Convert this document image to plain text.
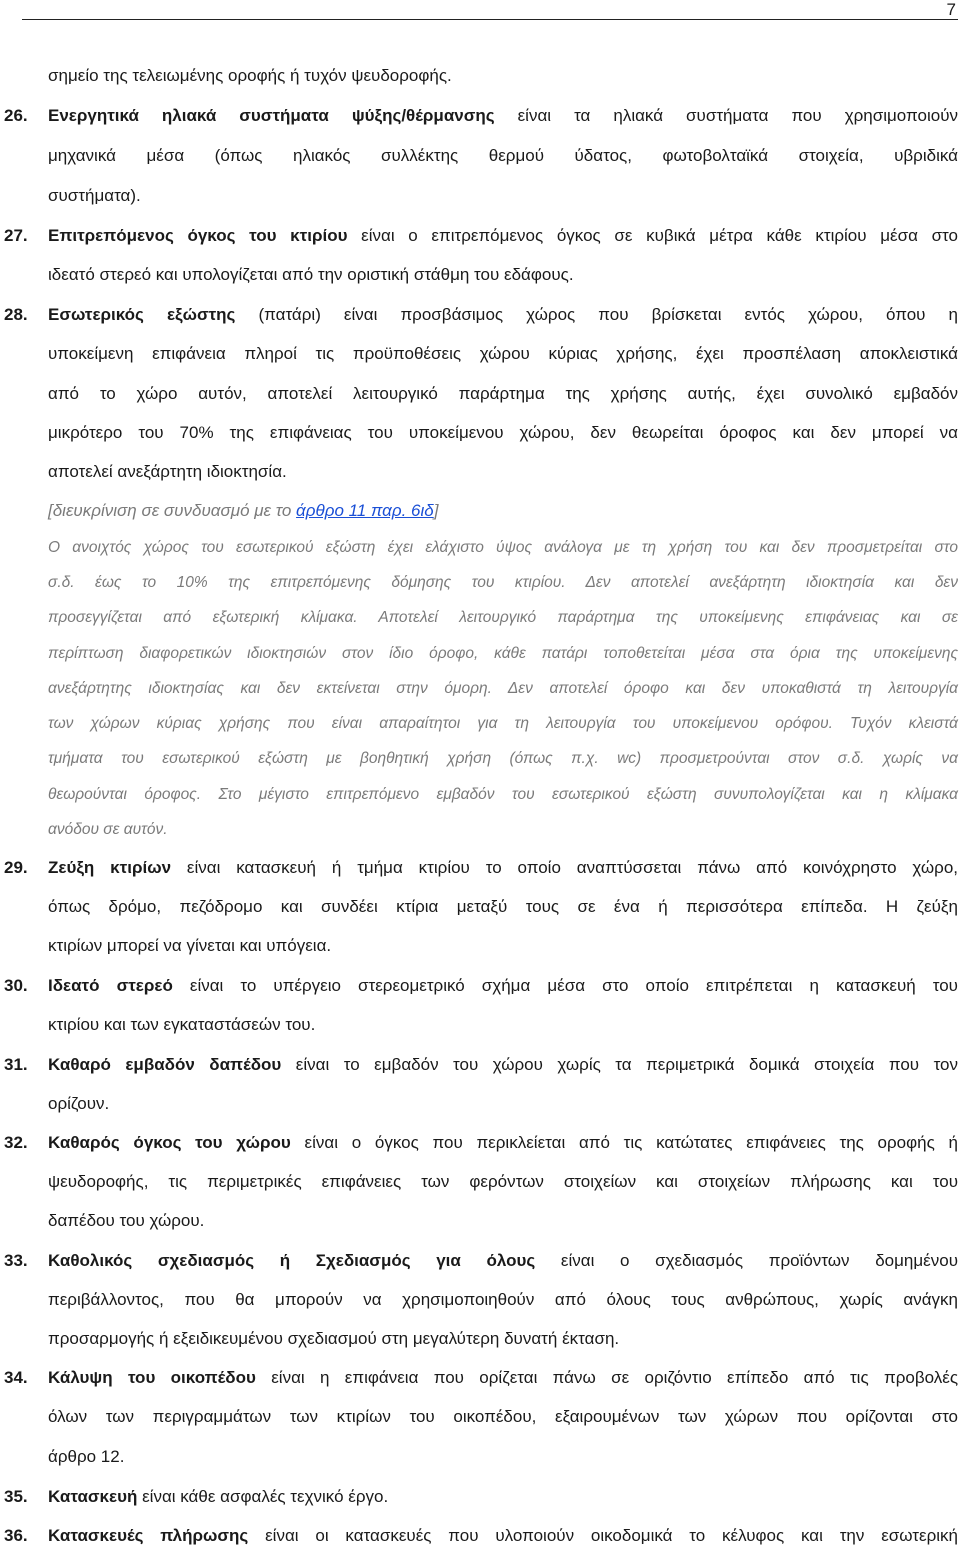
7
σημείο της τελειωμένης οροφής ή τυχόν ψευδοροφής.
26. Ενεργητικά ηλιακά συστήματα ψύξης/θέρμανσης είναι τα ηλιακά συστήματα που χρησιμοποιούν
μηχανικά μέσα (όπως ηλιακός συλλέκτης θερμού ύδατος, φωτοβολταϊκά στοιχεία, υβριδικά
συστήματα).
27. Επιτρεπόμενος όγκος του κτιρίου είναι ο επιτρεπόμενος όγκος σε κυβικά μέτρα κάθε κτιρίου μέσα στο
ιδεατό στερεό και υπολογίζεται από την οριστική στάθμη του εδάφους.
28. Εσωτερικός εξώστης (πατάρι) είναι προσβάσιμος χώρος που βρίσκεται εντός χώρου, όπου η
υποκείμενη επιφάνεια πληροί τις προϋποθέσεις χώρου κύριας χρήσης, έχει προσπέλαση αποκλειστικά
από το χώρο αυτόν, αποτελεί λειτουργικό παράρτημα της χρήσης αυτής, έχει συνολικό εμβαδόν
μικρότερο του 70% της επιφάνειας του υποκείμενου χώρου, δεν θεωρείται όροφος και δεν μπορεί να
αποτελεί ανεξάρτητη ιδιοκτησία.
[διευκρίνιση σε συνδυασμό με το άρθρο 11 παρ. 6ιδ]
Ο ανοιχτός χώρος του εσωτερικού εξώστη έχει ελάχιστο ύψος ανάλογα με τη χρήση του και δεν προσμετρείται στο
σ.δ. έως το 10% της επιτρεπόμενης δόμησης του κτιρίου. Δεν αποτελεί ανεξάρτητη ιδιοκτησία και δεν
προσεγγίζεται από εξωτερική κλίμακα. Αποτελεί λειτουργικό παράρτημα της υποκείμενης επιφάνειας και σε
περίπτωση διαφορετικών ιδιοκτησιών στον ίδιο όροφο, κάθε πατάρι τοποθετείται μέσα στα όρια της υποκείμενης
ανεξάρτητης ιδιοκτησίας και δεν εκτείνεται στην όμορη. Δεν αποτελεί όροφο και δεν υποκαθιστά τη λειτουργία
των χώρων κύριας χρήσης που είναι απαραίτητοι για τη λειτουργία του υποκείμενου ορόφου. Τυχόν κλειστά
τμήματα του εσωτερικού εξώστη με βοηθητική χρήση (όπως π.χ. wc) προσμετρούνται στον σ.δ. χωρίς να
θεωρούνται όροφος. Στο μέγιστο επιτρεπόμενο εμβαδόν του εσωτερικού εξώστη συνυπολογίζεται και η κλίμακα
ανόδου σε αυτόν.
29. Ζεύξη κτιρίων είναι κατασκευή ή τμήμα κτιρίου το οποίο αναπτύσσεται πάνω από κοινόχρηστο χώρο,
όπως δρόμο, πεζόδρομο και συνδέει κτίρια μεταξύ τους σε ένα ή περισσότερα επίπεδα. Η ζεύξη
κτιρίων μπορεί να γίνεται και υπόγεια.
30. Ιδεατό στερεό είναι το υπέργειο στερεομετρικό σχήμα μέσα στο οποίο επιτρέπεται η κατασκευή του
κτιρίου και των εγκαταστάσεών του.
31. Καθαρό εμβαδόν δαπέδου είναι το εμβαδόν του χώρου χωρίς τα περιμετρικά δομικά στοιχεία που τον
ορίζουν.
32. Καθαρός όγκος του χώρου είναι ο όγκος που περικλείεται από τις κατώτατες επιφάνειες της οροφής ή
ψευδοροφής, τις περιμετρικές επιφάνειες των φερόντων στοιχείων και στοιχείων πλήρωσης και του
δαπέδου του χώρου.
33. Καθολικός σχεδιασμός ή Σχεδιασμός για όλους είναι ο σχεδιασμός προϊόντων δομημένου
περιβάλλοντος, που θα μπορούν να χρησιμοποιηθούν από όλους τους ανθρώπους, χωρίς ανάγκη
προσαρμογής ή εξειδικευμένου σχεδιασμού στη μεγαλύτερη δυνατή έκταση.
34. Κάλυψη του οικοπέδου είναι η επιφάνεια που ορίζεται πάνω σε οριζόντιο επίπεδο από τις προβολές
όλων των περιγραμμάτων των κτιρίων του οικοπέδου, εξαιρουμένων των χώρων που ορίζονται στο
άρθρο 12.
35. Κατασκευή είναι κάθε ασφαλές τεχνικό έργο.
36. Κατασκευές πλήρωσης είναι οι κατασκευές που υλοποιούν οικοδομικά το κέλυφος και την εσωτερική
